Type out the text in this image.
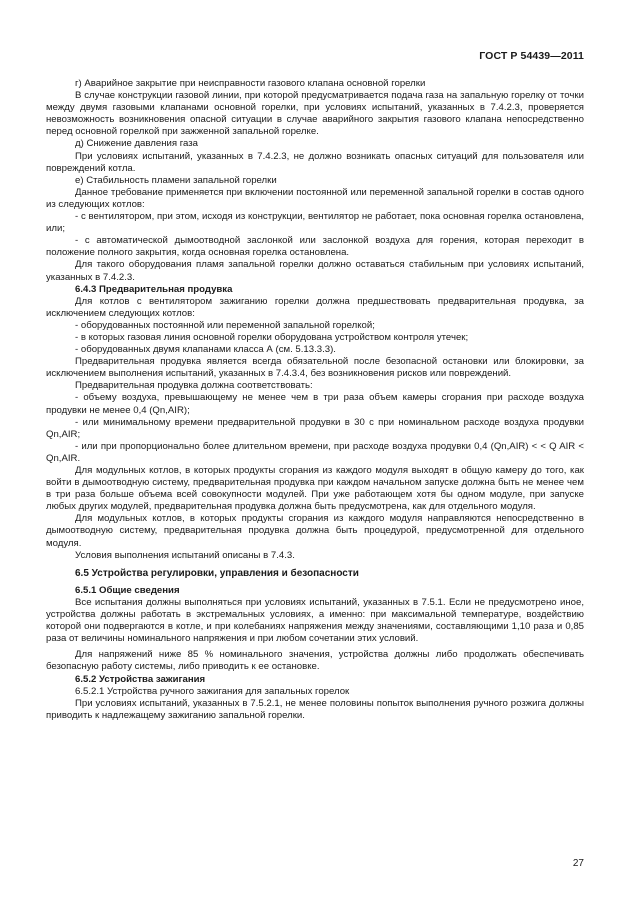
ГОСТ Р 54439—2011

г) Аварийное закрытие при неисправности газового клапана основной горелки

В случае конструкции газовой линии, при которой предусматривается подача газа на запальную горелку от точки между двумя газовыми клапанами основной горелки, при условиях испытаний, указанных в 7.4.2.3, проверяется невозможность возникновения опасной ситуации в случае аварийного закрытия газового клапана непосредственно перед основной горелкой при зажженной запальной горелке.

д) Снижение давления газа

При условиях испытаний, указанных в 7.4.2.3, не должно возникать опасных ситуаций для пользователя или повреждений котла.

е) Стабильность пламени запальной горелки

Данное требование применяется при включении постоянной или переменной запальной горелки в состав одного из следующих котлов:

- с вентилятором, при этом, исходя из конструкции, вентилятор не работает, пока основная горелка остановлена, или;

- с автоматической дымоотводной заслонкой или заслонкой воздуха для горения, которая переходит в положение полного закрытия, когда основная горелка остановлена.

Для такого оборудования пламя запальной горелки должно оставаться стабильным при условиях испытаний, указанных в 7.4.2.3.

6.4.3 Предварительная продувка

Для котлов с вентилятором зажиганию горелки должна предшествовать предварительная продувка, за исключением следующих котлов:

- оборудованных постоянной или переменной запальной горелкой;

- в которых газовая линия основной горелки оборудована устройством контроля утечек;

- оборудованных двумя клапанами класса А (см. 5.13.3.3).

Предварительная продувка является всегда обязательной после безопасной остановки или блокировки, за исключением выполнения испытаний, указанных в 7.4.3.4, без возникновения рисков или повреждений.

Предварительная продувка должна соответствовать:

- объему воздуха, превышающему не менее чем в три раза объем камеры сгорания при расходе воздуха продувки не менее 0,4 (Qn,AIR);

- или минимальному времени предварительной продувки в 30 с при номинальном расходе воздуха продувки Qn,AIR;

- или при пропорционально более длительном времени, при расходе воздуха продувки 0,4 (Qn,AIR) < < Q AIR < Qn,AIR.

Для модульных котлов, в которых продукты сгорания из каждого модуля выходят в общую камеру до того, как войти в дымоотводную систему, предварительная продувка при каждом начальном запуске должна быть не менее чем в три раза больше объема всей совокупности модулей. При уже работающем хотя бы одном модуле, при запуске любых других модулей, предварительная продувка должна быть предусмотрена, как для отдельного модуля.

Для модульных котлов, в которых продукты сгорания из каждого модуля направляются непосредственно в дымоотводную систему, предварительная продувка должна быть процедурой, предусмотренной для отдельного модуля.

Условия выполнения испытаний описаны в 7.4.3.

6.5 Устройства регулировки, управления и безопасности

6.5.1 Общие сведения

Все испытания должны выполняться при условиях испытаний, указанных в 7.5.1. Если не предусмотрено иное, устройства должны работать в экстремальных условиях, а именно: при максимальной температуре, воздействию которой они подвергаются в котле, и при колебаниях напряжения между значениями, составляющими 1,10 раза и 0,85 раза от величины номинального напряжения и при любом сочетании этих условий.

Для напряжений ниже 85 % номинального значения, устройства должны либо продолжать обеспечивать безопасную работу системы, либо приводить к ее остановке.

6.5.2 Устройства зажигания

6.5.2.1 Устройства ручного зажигания для запальных горелок

При условиях испытаний, указанных в 7.5.2.1, не менее половины попыток выполнения ручного розжига должны приводить к надлежащему зажиганию запальной горелки.

27
